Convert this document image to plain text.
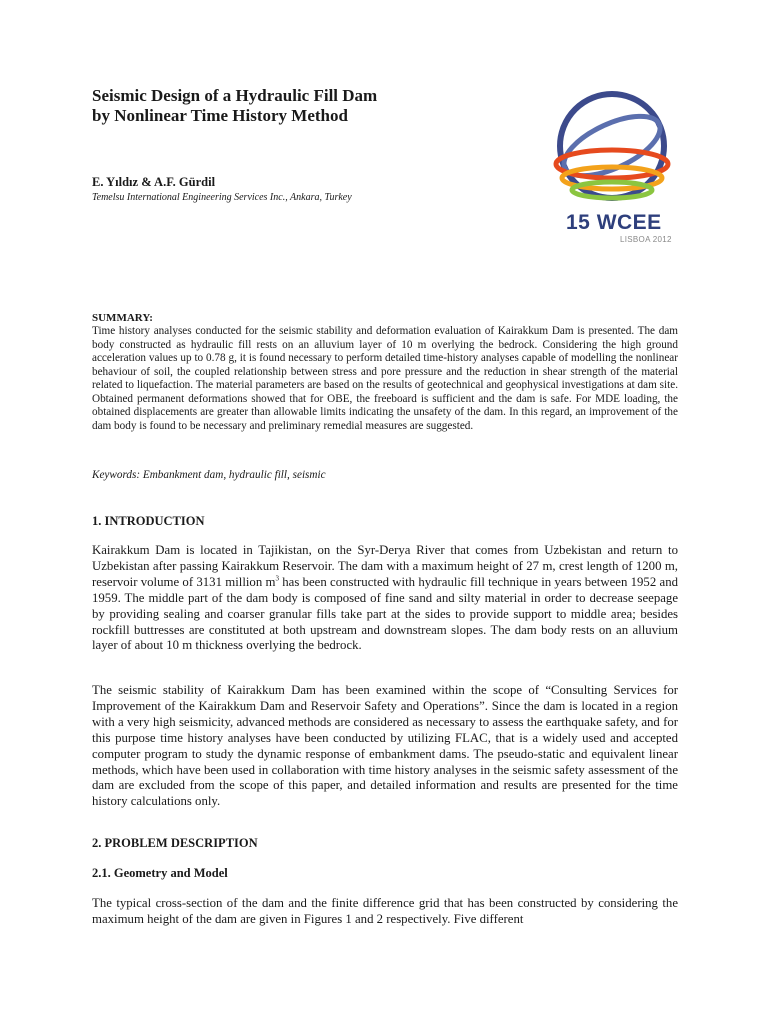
Seismic Design of a Hydraulic Fill Dam
by Nonlinear Time History Method
E. Yıldız & A.F. Gürdil
Temelsu International Engineering Services Inc., Ankara, Turkey
15 WCEE
LISBOA 2012
SUMMARY:

Time history analyses conducted for the seismic stability and deformation evaluation of Kairakkum Dam is presented. The dam body constructed as hydraulic fill rests on an alluvium layer of 10 m overlying the bedrock. Considering the high ground acceleration values up to 0.78 g, it is found necessary to perform detailed time-history analyses capable of modelling the nonlinear behaviour of soil, the coupled relationship between stress and pore pressure and the reduction in shear strength of the material related to liquefaction. The material parameters are based on the results of geotechnical and geophysical investigations at dam site. Obtained permanent deformations showed that for OBE, the freeboard is sufficient and the dam is safe. For MDE loading, the obtained displacements are greater than allowable limits indicating the unsafety of the dam. In this regard, an improvement of the dam body is found to be necessary and preliminary remedial measures are suggested.

Keywords: Embankment dam, hydraulic fill, seismic
1. INTRODUCTION

Kairakkum Dam is located in Tajikistan, on the Syr-Derya River that comes from Uzbekistan and return to Uzbekistan after passing Kairakkum Reservoir. The dam with a maximum height of 27 m, crest length of 1200 m, reservoir volume of 3131 million $m^3$ has been constructed with hydraulic fill technique in years between 1952 and 1959. The middle part of the dam body is composed of fine sand and silty material in order to decrease seepage by providing sealing and coarser granular fills take part at the sides to provide support to middle area; besides rockfill buttresses are constituted at both upstream and downstream slopes. The dam body rests on an alluvium layer of about 10 m thickness overlying the bedrock.

The seismic stability of Kairakkum Dam has been examined within the scope of “Consulting Services for Improvement of the Kairakkum Dam and Reservoir Safety and Operations”. Since the dam is located in a region with a very high seismicity, advanced methods are considered as necessary to assess the earthquake safety, and for this purpose time history analyses have been conducted by utilizing FLAC, that is a widely used and accepted computer program to study the dynamic response of embankment dams. The pseudo-static and equivalent linear methods, which have been used in collaboration with time history analyses in the seismic safety assessment of the dam are excluded from the scope of this paper, and detailed information and results are presented for the time history calculations only.

2. PROBLEM DESCRIPTION
2.1. Geometry and Model

The typical cross-section of the dam and the finite difference grid that has been constructed by considering the maximum height of the dam are given in Figures 1 and 2 respectively. Five different
